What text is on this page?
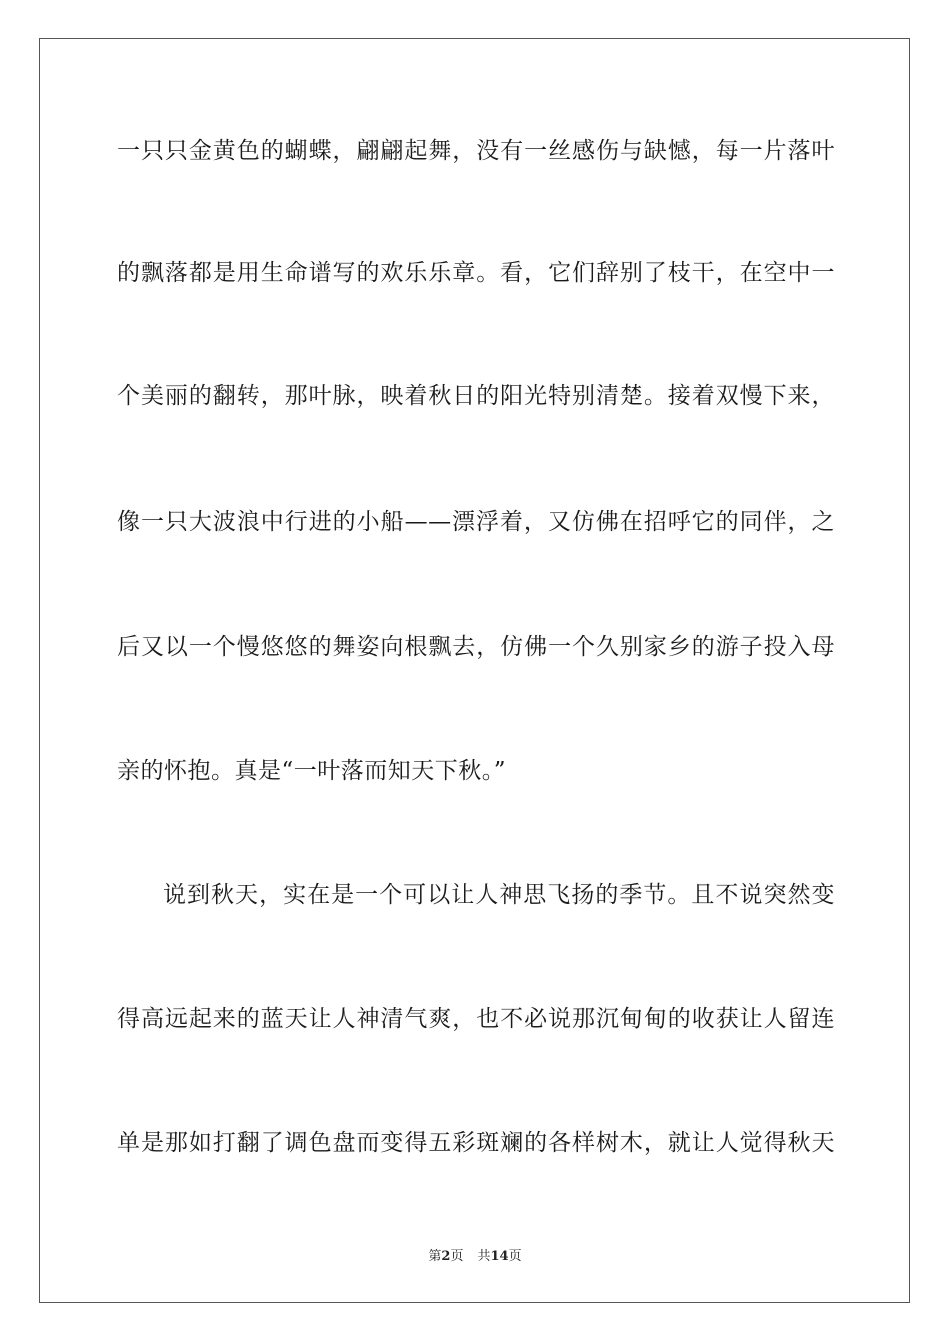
一只只金黄色的蝴蝶，翩翩起舞，没有一丝感伤与缺憾，每一片落叶
的飘落都是用生命谱写的欢乐乐章。看，它们辞别了枝干，在空中一
个美丽的翻转，那叶脉，映着秋日的阳光特别清楚。接着双慢下来，
像一只大波浪中行进的小船——漂浮着，又仿佛在招呼它的同伴，之
后又以一个慢悠悠的舞姿向根飘去，仿佛一个久别家乡的游子投入母
亲的怀抱。真是“一叶落而知天下秋。”
说到秋天，实在是一个可以让人神思飞扬的季节。且不说突然变
得高远起来的蓝天让人神清气爽，也不必说那沉甸甸的收获让人留连
单是那如打翻了调色盘而变得五彩斑斓的各样树木，就让人觉得秋天
第2页 共14页
